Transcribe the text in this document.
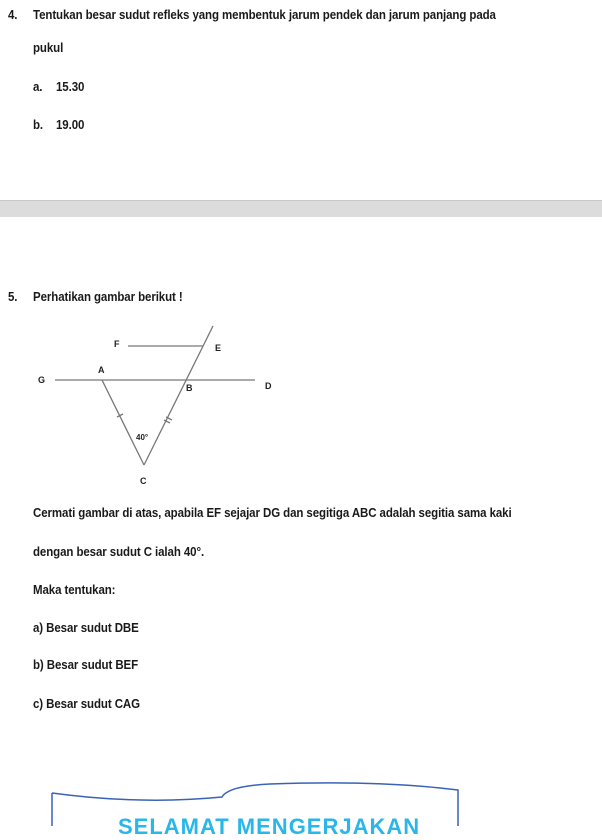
4. Tentukan besar sudut refleks yang membentuk jarum pendek dan jarum panjang pada
pukul
a. 15.30
b. 19.00
5. Perhatikan gambar berikut !
F	E
G
A
B	D
C
40°
Cermati gambar di atas, apabila EF sejajar DG dan segitiga ABC adalah segitia sama kaki
dengan besar sudut C ialah 40°.
Maka tentukan:
a) Besar sudut DBE
b) Besar sudut BEF
c) Besar sudut CAG
SELAMAT MENGERJAKAN
